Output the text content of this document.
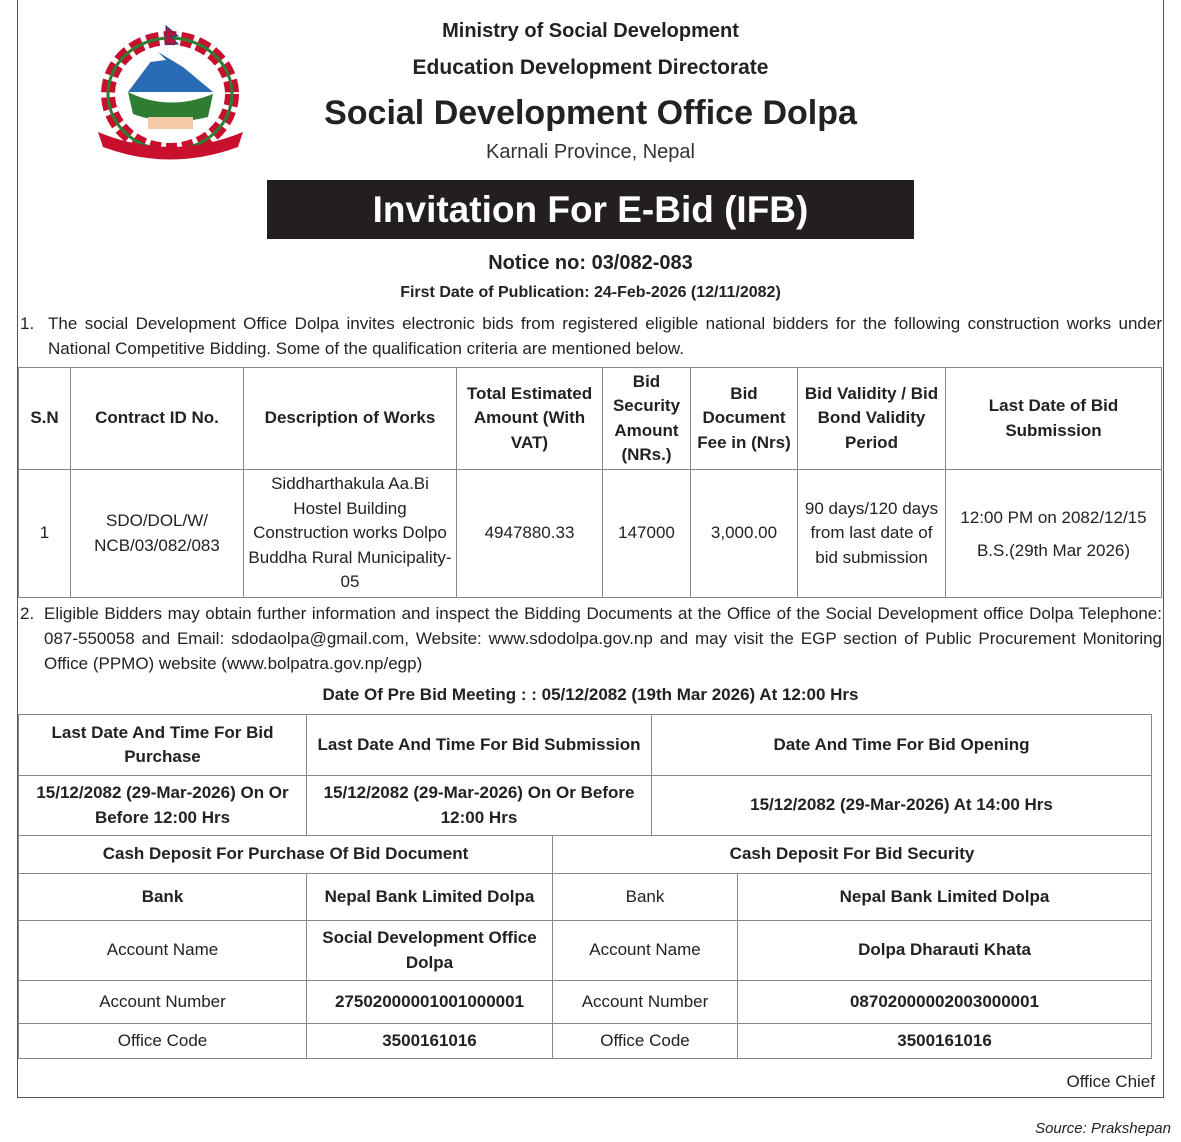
Ministry of Social Development
Education Development Directorate
Social Development Office Dolpa
Karnali Province, Nepal
Invitation For E-Bid (IFB)
Notice no: 03/082-083
First Date of Publication: 24-Feb-2026 (12/11/2082)
1. The social Development Office Dolpa invites electronic bids from registered eligible national bidders for the following construction works under National Competitive Bidding. Some of the qualification criteria are mentioned below.
S.N	Contract ID No.	Description of Works	Total Estimated Amount (With VAT)	Bid Security Amount (NRs.)	Bid Document Fee in (Nrs)	Bid Validity / Bid Bond Validity Period	Last Date of Bid Submission
1	SDO/DOL/W/ NCB/03/082/083	Siddharthakula Aa.Bi Hostel Building Construction works Dolpo Buddha Rural Municipality-05	4947880.33	147000	3,000.00	90 days/120 days from last date of bid submission	12:00 PM on 2082/12/15 B.S.(29th Mar 2026)
2. Eligible Bidders may obtain further information and inspect the Bidding Documents at the Office of the Social Development office Dolpa Telephone: 087-550058 and Email: sdodaolpa@gmail.com, Website: www.sdodolpa.gov.np and may visit the EGP section of Public Procurement Monitoring Office (PPMO) website (www.bolpatra.gov.np/egp)
Date Of Pre Bid Meeting : : 05/12/2082 (19th Mar 2026) At 12:00 Hrs
Last Date And Time For Bid Purchase	Last Date And Time For Bid Submission	Date And Time For Bid Opening
15/12/2082 (29-Mar-2026) On Or Before 12:00 Hrs	15/12/2082 (29-Mar-2026) On Or Before 12:00 Hrs	15/12/2082 (29-Mar-2026) At 14:00 Hrs
Cash Deposit For Purchase Of Bid Document		Cash Deposit For Bid Security	
Bank	Nepal Bank Limited Dolpa	Bank	Nepal Bank Limited Dolpa
Account Name	Social Development Office Dolpa	Account Name	Dolpa Dharauti Khata
Account Number	27502000001001000001	Account Number	08702000002003000001
Office Code	3500161016	Office Code	3500161016
Office Chief
Source: Prakshepan
